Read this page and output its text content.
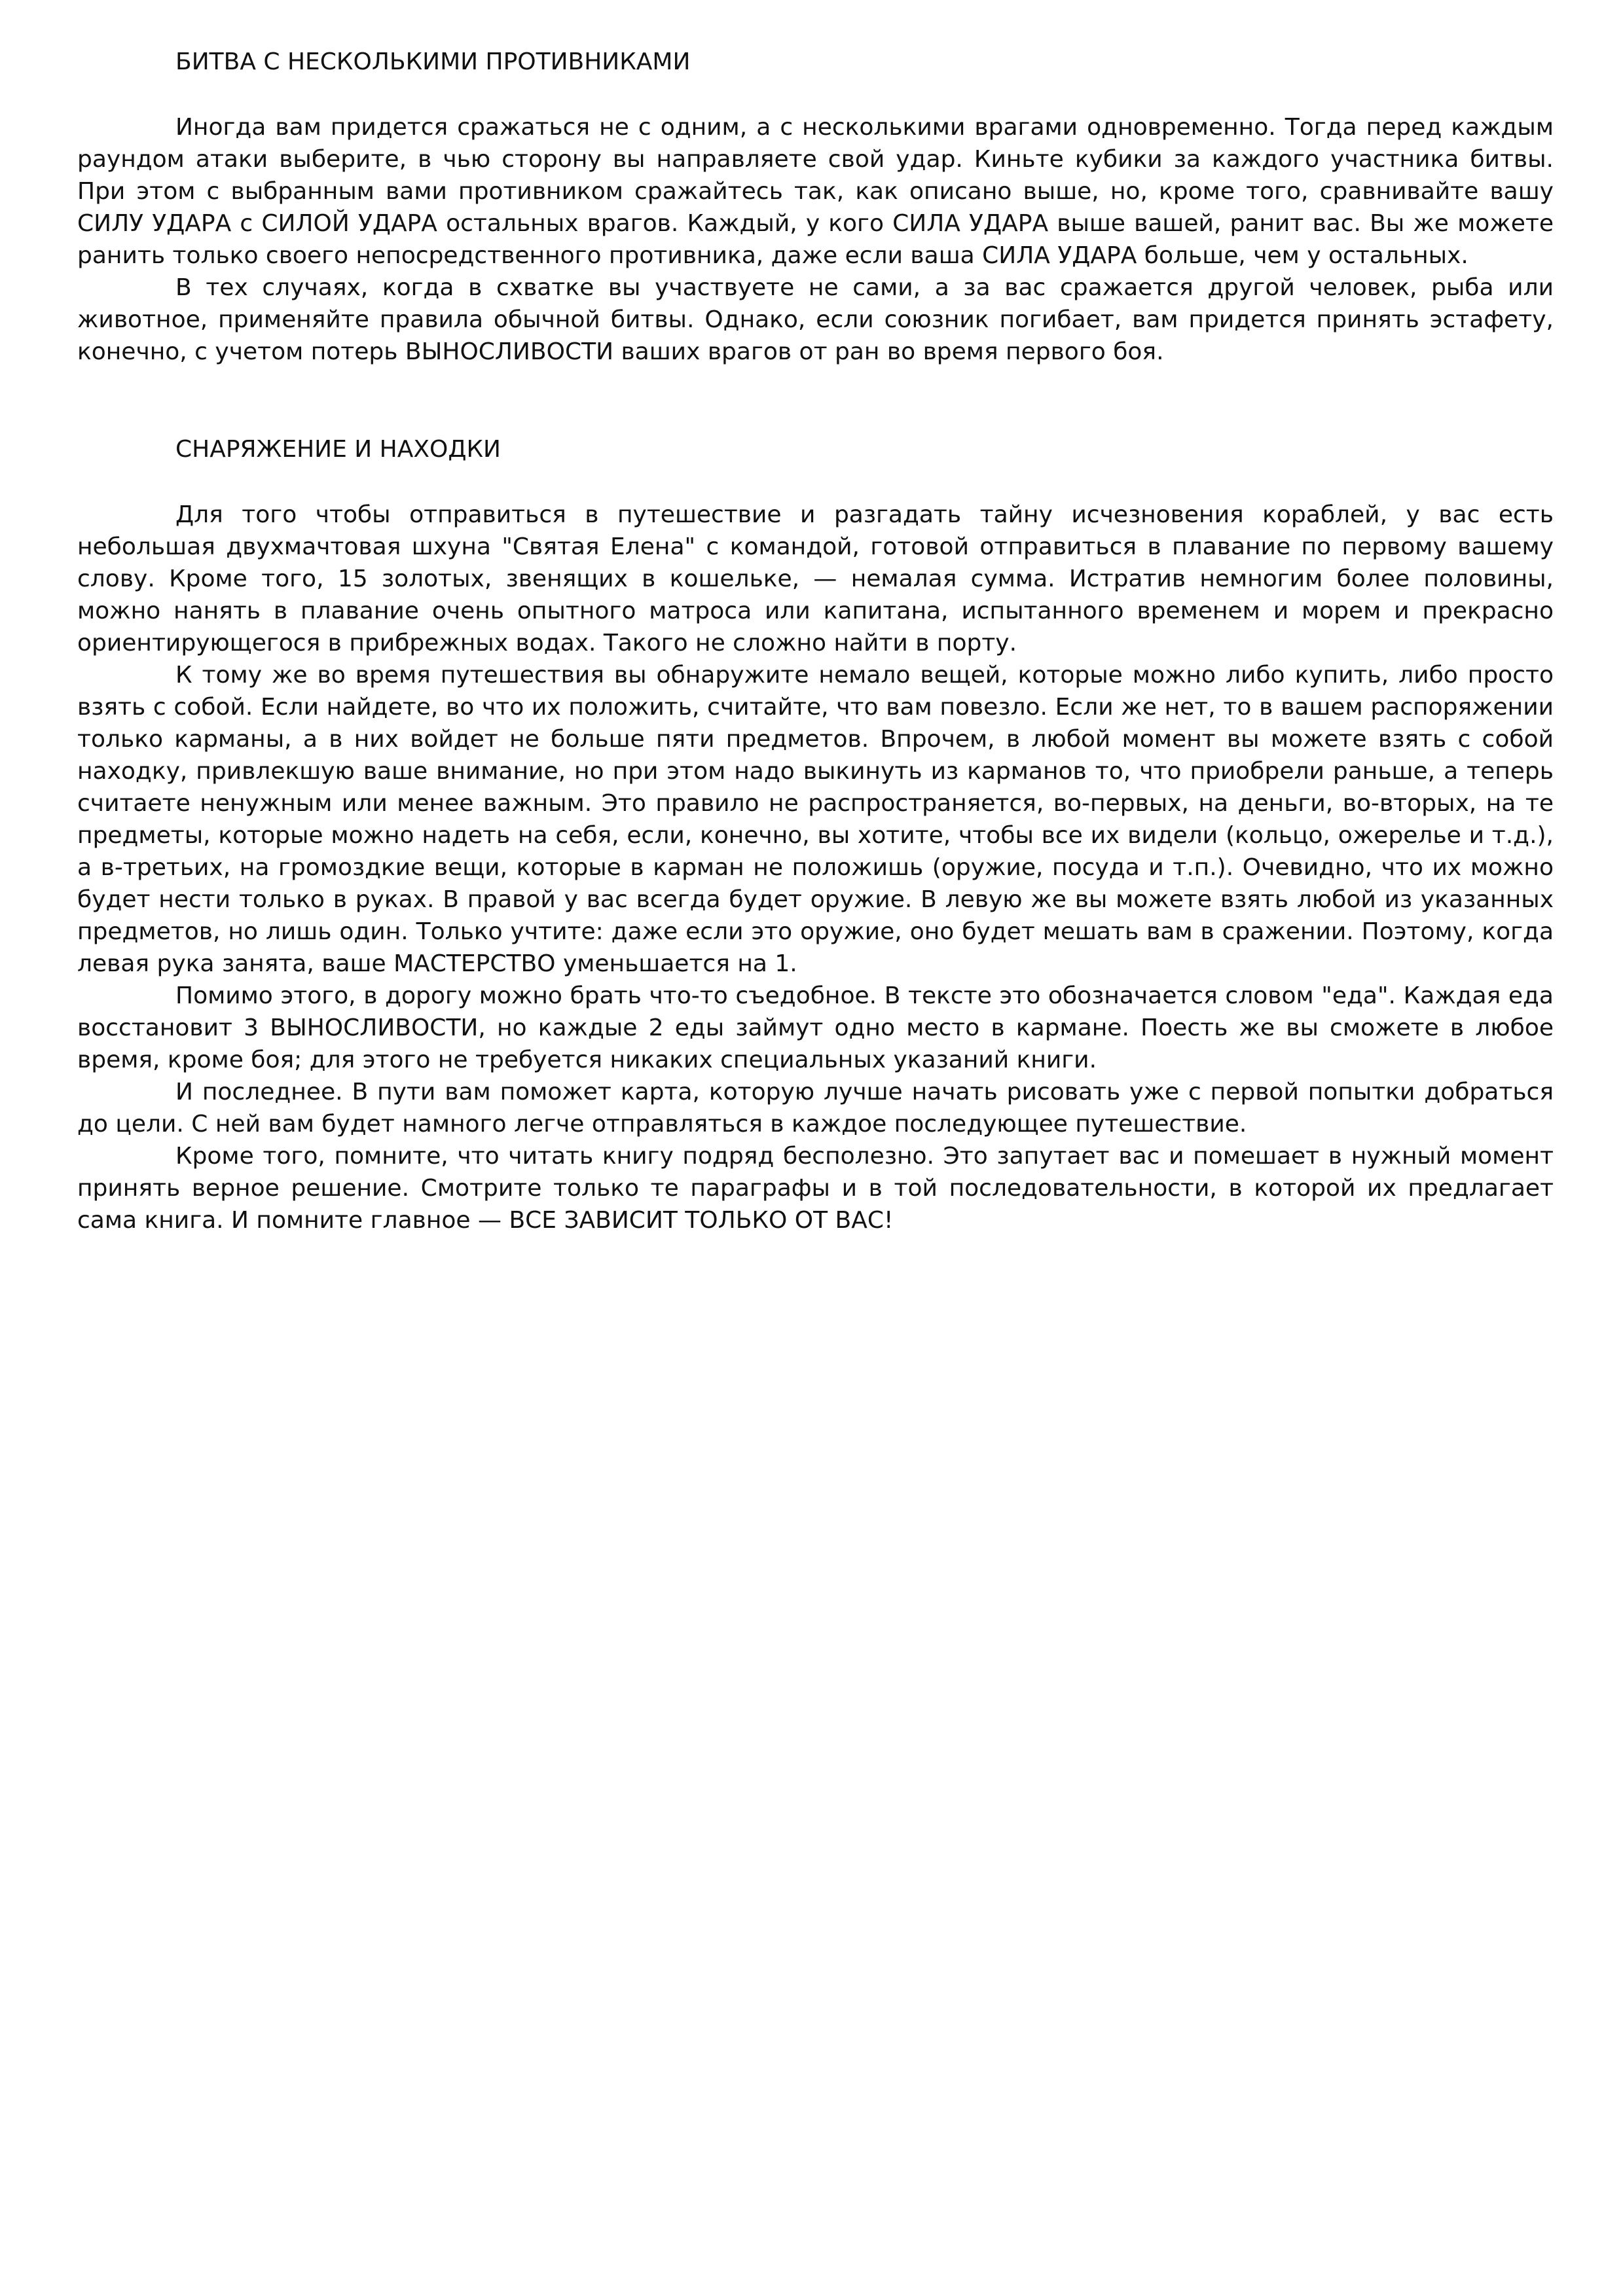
БИТВА С НЕСКОЛЬКИМИ ПРОТИВНИКАМИ

Иногда вам придется сражаться не с одним, а с несколькими врагами одновременно. Тогда перед каждым раундом атаки выберите, в чью сторону вы направляете свой удар. Киньте кубики за каждого участника битвы. При этом с выбранным вами противником сражайтесь так, как описано выше, но, кроме того, сравнивайте вашу СИЛУ УДАРА с СИЛОЙ УДАРА остальных врагов. Каждый, у кого СИЛА УДАРА выше вашей, ранит вас. Вы же можете ранить только своего непосредственного противника, даже если ваша СИЛА УДАРА больше, чем у остальных.

В тех случаях, когда в схватке вы участвуете не сами, а за вас сражается другой человек, рыба или животное, применяйте правила обычной битвы. Однако, если союзник погибает, вам придется принять эстафету, конечно, с учетом потерь ВЫНОСЛИВОСТИ ваших врагов от ран во время первого боя.

СНАРЯЖЕНИЕ И НАХОДКИ

Для того чтобы отправиться в путешествие и разгадать тайну исчезновения кораблей, у вас есть небольшая двухмачтовая шхуна "Святая Елена" с командой, готовой отправиться в плавание по первому вашему слову. Кроме того, 15 золотых, звенящих в кошельке, — немалая сумма. Истратив немногим более половины, можно нанять в плавание очень опытного матроса или капитана, испытанного временем и морем и прекрасно ориентирующегося в прибрежных водах. Такого не сложно найти в порту.

К тому же во время путешествия вы обнаружите немало вещей, которые можно либо купить, либо просто взять с собой. Если найдете, во что их положить, считайте, что вам повезло. Если же нет, то в вашем распоряжении только карманы, а в них войдет не больше пяти предметов. Впрочем, в любой момент вы можете взять с собой находку, привлекшую ваше внимание, но при этом надо выкинуть из карманов то, что приобрели раньше, а теперь считаете ненужным или менее важным. Это правило не распространяется, во-первых, на деньги, во-вторых, на те предметы, которые можно надеть на себя, если, конечно, вы хотите, чтобы все их видели (кольцо, ожерелье и т.д.), а в-третьих, на громоздкие вещи, которые в карман не положишь (оружие, посуда и т.п.). Очевидно, что их можно будет нести только в руках. В правой у вас всегда будет оружие. В левую же вы можете взять любой из указанных предметов, но лишь один. Только учтите: даже если это оружие, оно будет мешать вам в сражении. Поэтому, когда левая рука занята, ваше МАСТЕРСТВО уменьшается на 1.

Помимо этого, в дорогу можно брать что-то съедобное. В тексте это обозначается словом "еда". Каждая еда восстановит 3 ВЫНОСЛИВОСТИ, но каждые 2 еды займут одно место в кармане. Поесть же вы сможете в любое время, кроме боя; для этого не требуется никаких специальных указаний книги.

И последнее. В пути вам поможет карта, которую лучше начать рисовать уже с первой попытки добраться до цели. С ней вам будет намного легче отправляться в каждое последующее путешествие.

Кроме того, помните, что читать книгу подряд бесполезно. Это запутает вас и помешает в нужный момент принять верное решение. Смотрите только те параграфы и в той последовательности, в которой их предлагает сама книга. И помните главное — ВСЕ ЗАВИСИТ ТОЛЬКО ОТ ВАС!
